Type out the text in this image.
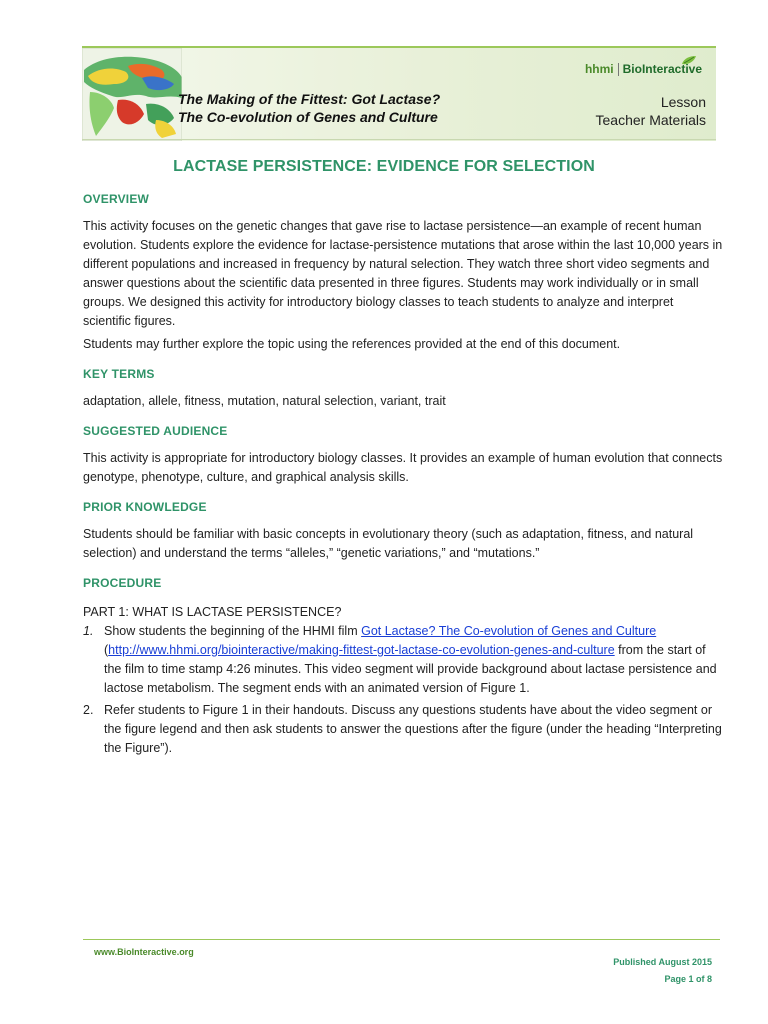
The Making of the Fittest: Got Lactase?
The Co-evolution of Genes and Culture
hhmi BioInteractive
Lesson
Teacher Materials
LACTASE PERSISTENCE: EVIDENCE FOR SELECTION
OVERVIEW

This activity focuses on the genetic changes that gave rise to lactase persistence—an example of recent human evolution. Students explore the evidence for lactase-persistence mutations that arose within the last 10,000 years in different populations and increased in frequency by natural selection. They watch three short video segments and answer questions about the scientific data presented in three figures. Students may work individually or in small groups. We designed this activity for introductory biology classes to teach students to analyze and interpret scientific figures.

Students may further explore the topic using the references provided at the end of this document.

KEY TERMS

adaptation, allele, fitness, mutation, natural selection, variant, trait

SUGGESTED AUDIENCE

This activity is appropriate for introductory biology classes. It provides an example of human evolution that connects genotype, phenotype, culture, and graphical analysis skills.

PRIOR KNOWLEDGE

Students should be familiar with basic concepts in evolutionary theory (such as adaptation, fitness, and natural selection) and understand the terms “alleles,” “genetic variations,” and “mutations.”

PROCEDURE
PART 1: WHAT IS LACTASE PERSISTENCE?
1. Show students the beginning of the HHMI film Got Lactase? The Co-evolution of Genes and Culture
(http://www.hhmi.org/biointeractive/making-fittest-got-lactase-co-evolution-genes-and-culture from the start of the film to time stamp 4:26 minutes. This video segment will provide background about lactase persistence and lactose metabolism. The segment ends with an animated version of Figure 1.
2. Refer students to Figure 1 in their handouts. Discuss any questions students have about the video segment or the figure legend and then ask students to answer the questions after the figure (under the heading “Interpreting the Figure”).
www.BioInteractive.org
Published August 2015
Page 1 of 8
